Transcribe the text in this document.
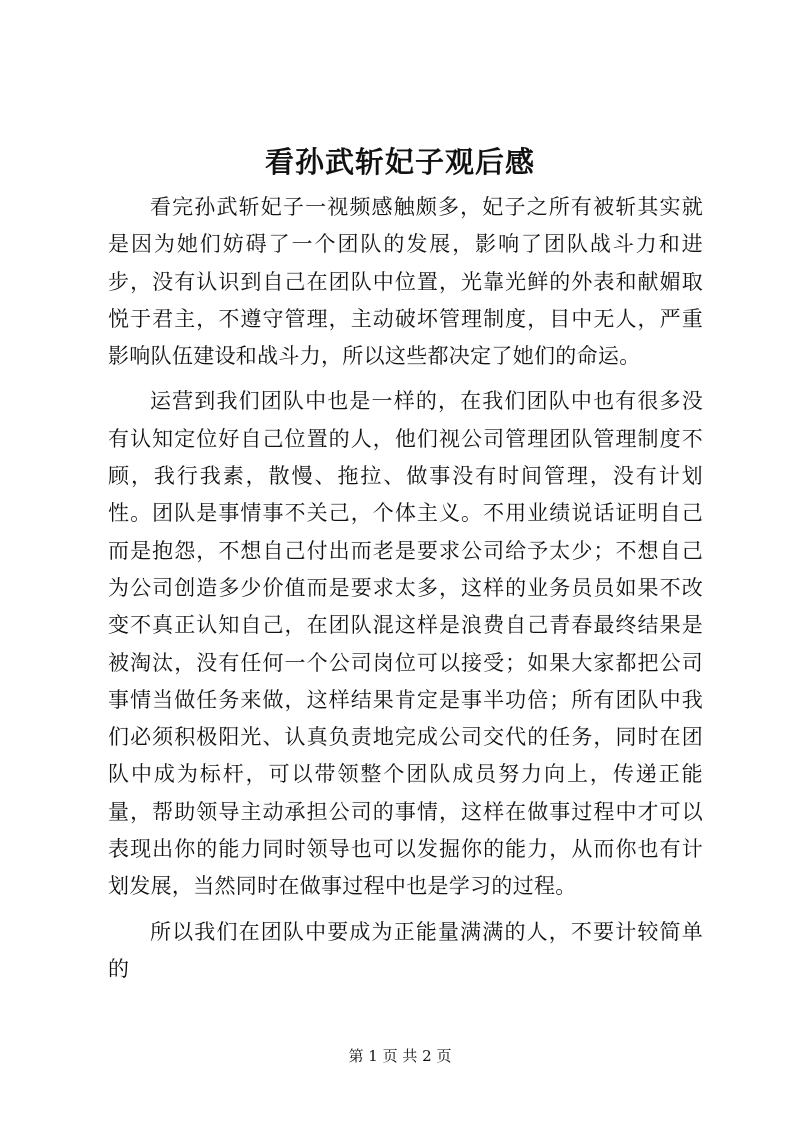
看孙武斩妃子观后感

看完孙武斩妃子一视频感触颇多，妃子之所有被斩其实就是因为她们妨碍了一个团队的发展，影响了团队战斗力和进步，没有认识到自己在团队中位置，光靠光鲜的外表和献媚取悦于君主，不遵守管理，主动破坏管理制度，目中无人，严重影响队伍建设和战斗力，所以这些都决定了她们的命运。

运营到我们团队中也是一样的，在我们团队中也有很多没有认知定位好自己位置的人，他们视公司管理团队管理制度不顾，我行我素，散慢、拖拉、做事没有时间管理，没有计划性。团队是事情事不关己，个体主义。不用业绩说话证明自己而是抱怨，不想自己付出而老是要求公司给予太少；不想自己为公司创造多少价值而是要求太多，这样的业务员员如果不改变不真正认知自己，在团队混这样是浪费自己青春最终结果是被淘汰，没有任何一个公司岗位可以接受；如果大家都把公司事情当做任务来做，这样结果肯定是事半功倍；所有团队中我们必须积极阳光、认真负责地完成公司交代的任务，同时在团队中成为标杆，可以带领整个团队成员努力向上，传递正能量，帮助领导主动承担公司的事情，这样在做事过程中才可以表现出你的能力同时领导也可以发掘你的能力，从而你也有计划发展，当然同时在做事过程中也是学习的过程。

所以我们在团队中要成为正能量满满的人，不要计较简单的

第 1 页 共 2 页
